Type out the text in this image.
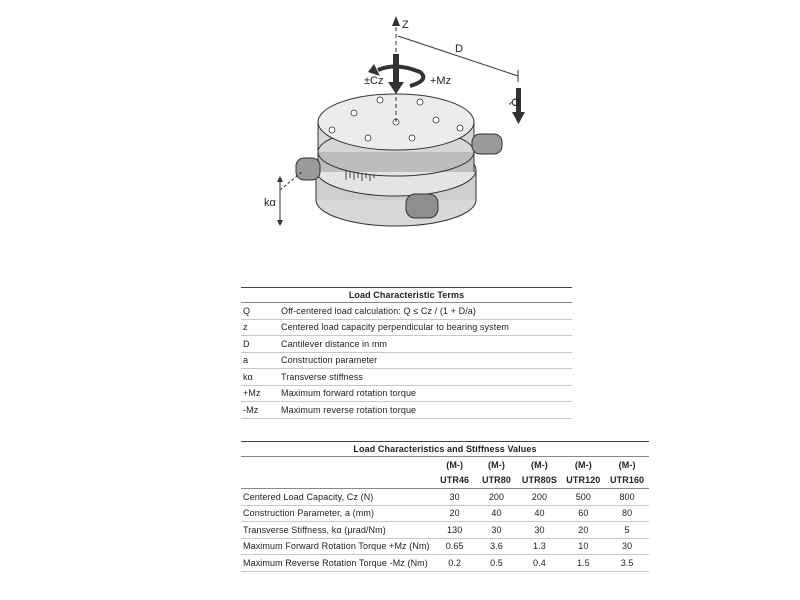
Z
±Cz	+Mz
D
Q
kα
Load Characteristic Terms	
Q	Off-centered load calculation: Q ≤ Cz / (1 + D/a)
z	Centered load capacity perpendicular to bearing system
D	Cantilever distance in mm
a	Construction parameter
kα	Transverse stiffness
+Mz	Maximum forward rotation torque
-Mz	Maximum reverse rotation torque
Load Characteristics and Stiffness Values					
	(M-)	(M-)	(M-)	(M-)	(M-)
	UTR46	UTR80	UTR80S	UTR120	UTR160
Centered Load Capacity, Cz (N)	30	200	200	500	800
Construction Parameter, a (mm)	20	40	40	60	80
Transverse Stiffness, kα (µrad/Nm)	130	30	30	20	5
Maximum Forward Rotation Torque +Mz (Nm)	0.65	3.6	1.3	10	30
Maximum Reverse Rotation Torque -Mz (Nm)	0.2	0.5	0.4	1.5	3.5
